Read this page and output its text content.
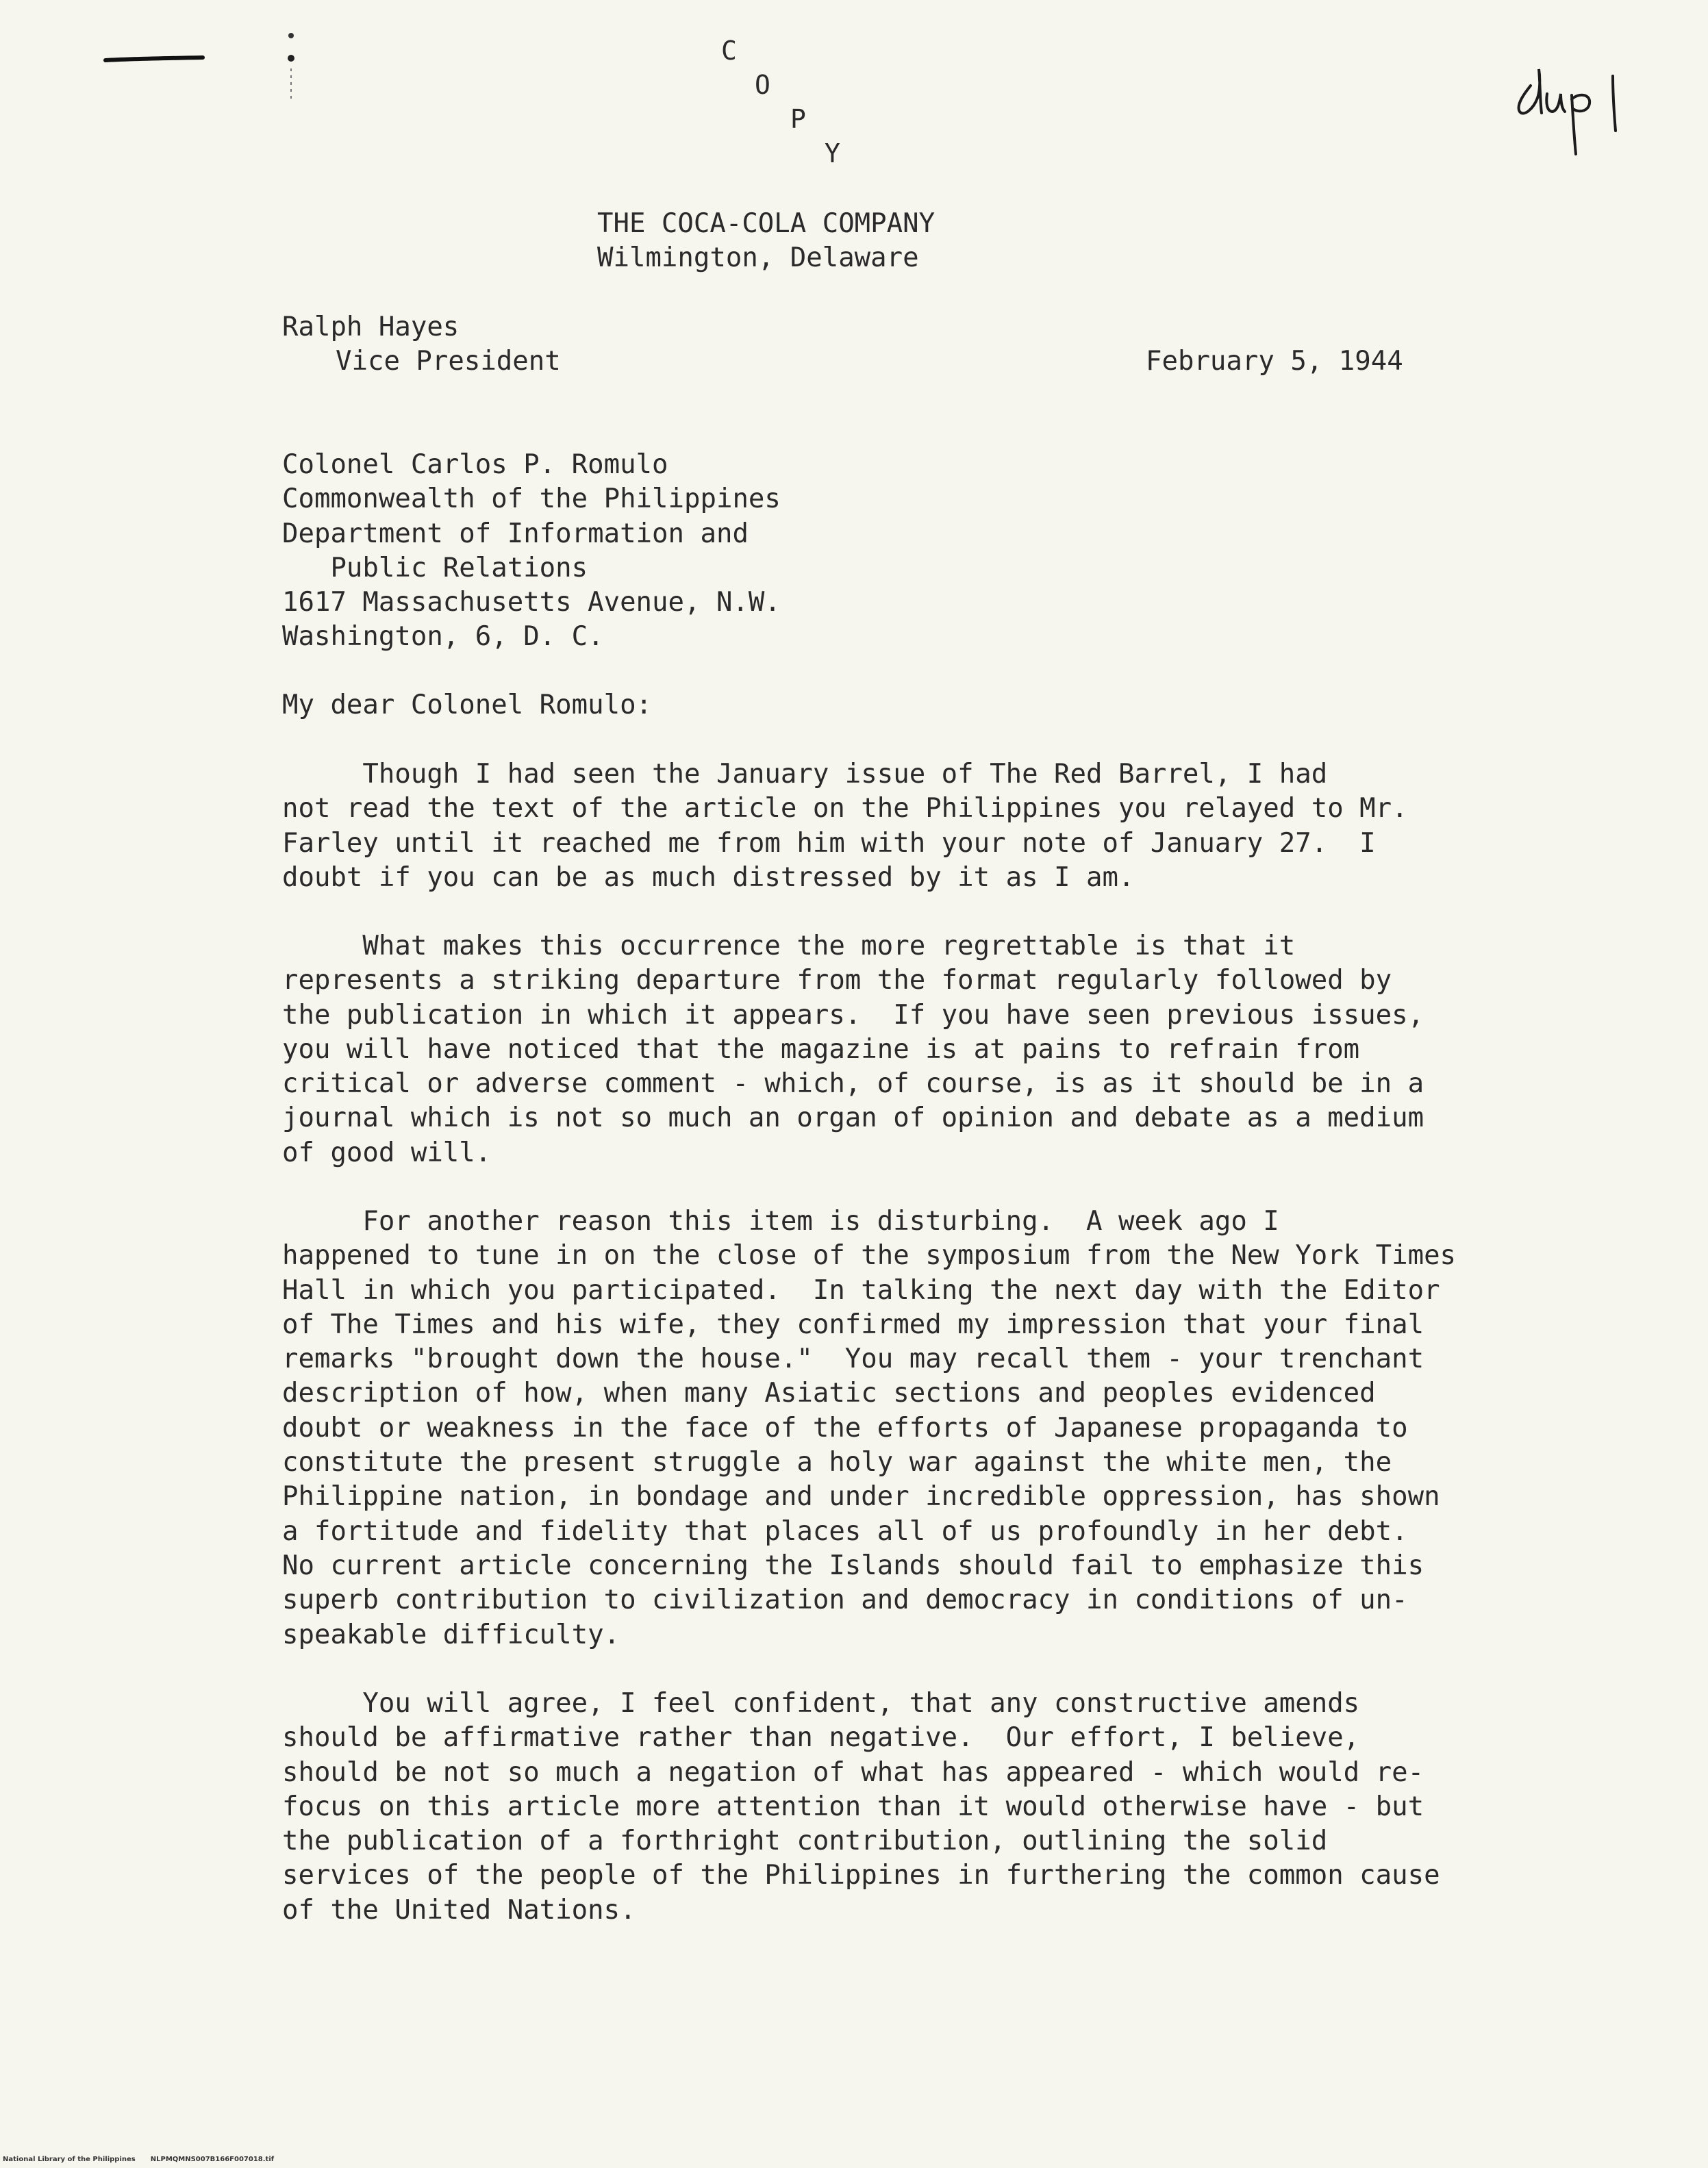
C
O
P
Y
THE COCA-COLA COMPANY
Wilmington, Delaware
Ralph Hayes
Vice President	February 5, 1944
Colonel Carlos P. Romulo
Commonwealth of the Philippines
Department of Information and
Public Relations
1617 Massachusetts Avenue, N.W.
Washington, 6, D. C.
My dear Colonel Romulo:
Though I had seen the January issue of The Red Barrel, I had
not read the text of the article on the Philippines you relayed to Mr.
Farley until it reached me from him with your note of January 27.  I
doubt if you can be as much distressed by it as I am.
What makes this occurrence the more regrettable is that it
represents a striking departure from the format regularly followed by
the publication in which it appears.  If you have seen previous issues,
you will have noticed that the magazine is at pains to refrain from
critical or adverse comment - which, of course, is as it should be in a
journal which is not so much an organ of opinion and debate as a medium
of good will.
For another reason this item is disturbing.  A week ago I
happened to tune in on the close of the symposium from the New York Times
Hall in which you participated.  In talking the next day with the Editor
of The Times and his wife, they confirmed my impression that your final
remarks "brought down the house."  You may recall them - your trenchant
description of how, when many Asiatic sections and peoples evidenced
doubt or weakness in the face of the efforts of Japanese propaganda to
constitute the present struggle a holy war against the white men, the
Philippine nation, in bondage and under incredible oppression, has shown
a fortitude and fidelity that places all of us profoundly in her debt.
No current article concerning the Islands should fail to emphasize this
superb contribution to civilization and democracy in conditions of un-
speakable difficulty.
You will agree, I feel confident, that any constructive amends
should be affirmative rather than negative.  Our effort, I believe,
should be not so much a negation of what has appeared - which would re-
focus on this article more attention than it would otherwise have - but
the publication of a forthright contribution, outlining the solid
services of the people of the Philippines in furthering the common cause
of the United Nations.
National Library of the Philippines NLPMQMNS007B166F007018.tif
